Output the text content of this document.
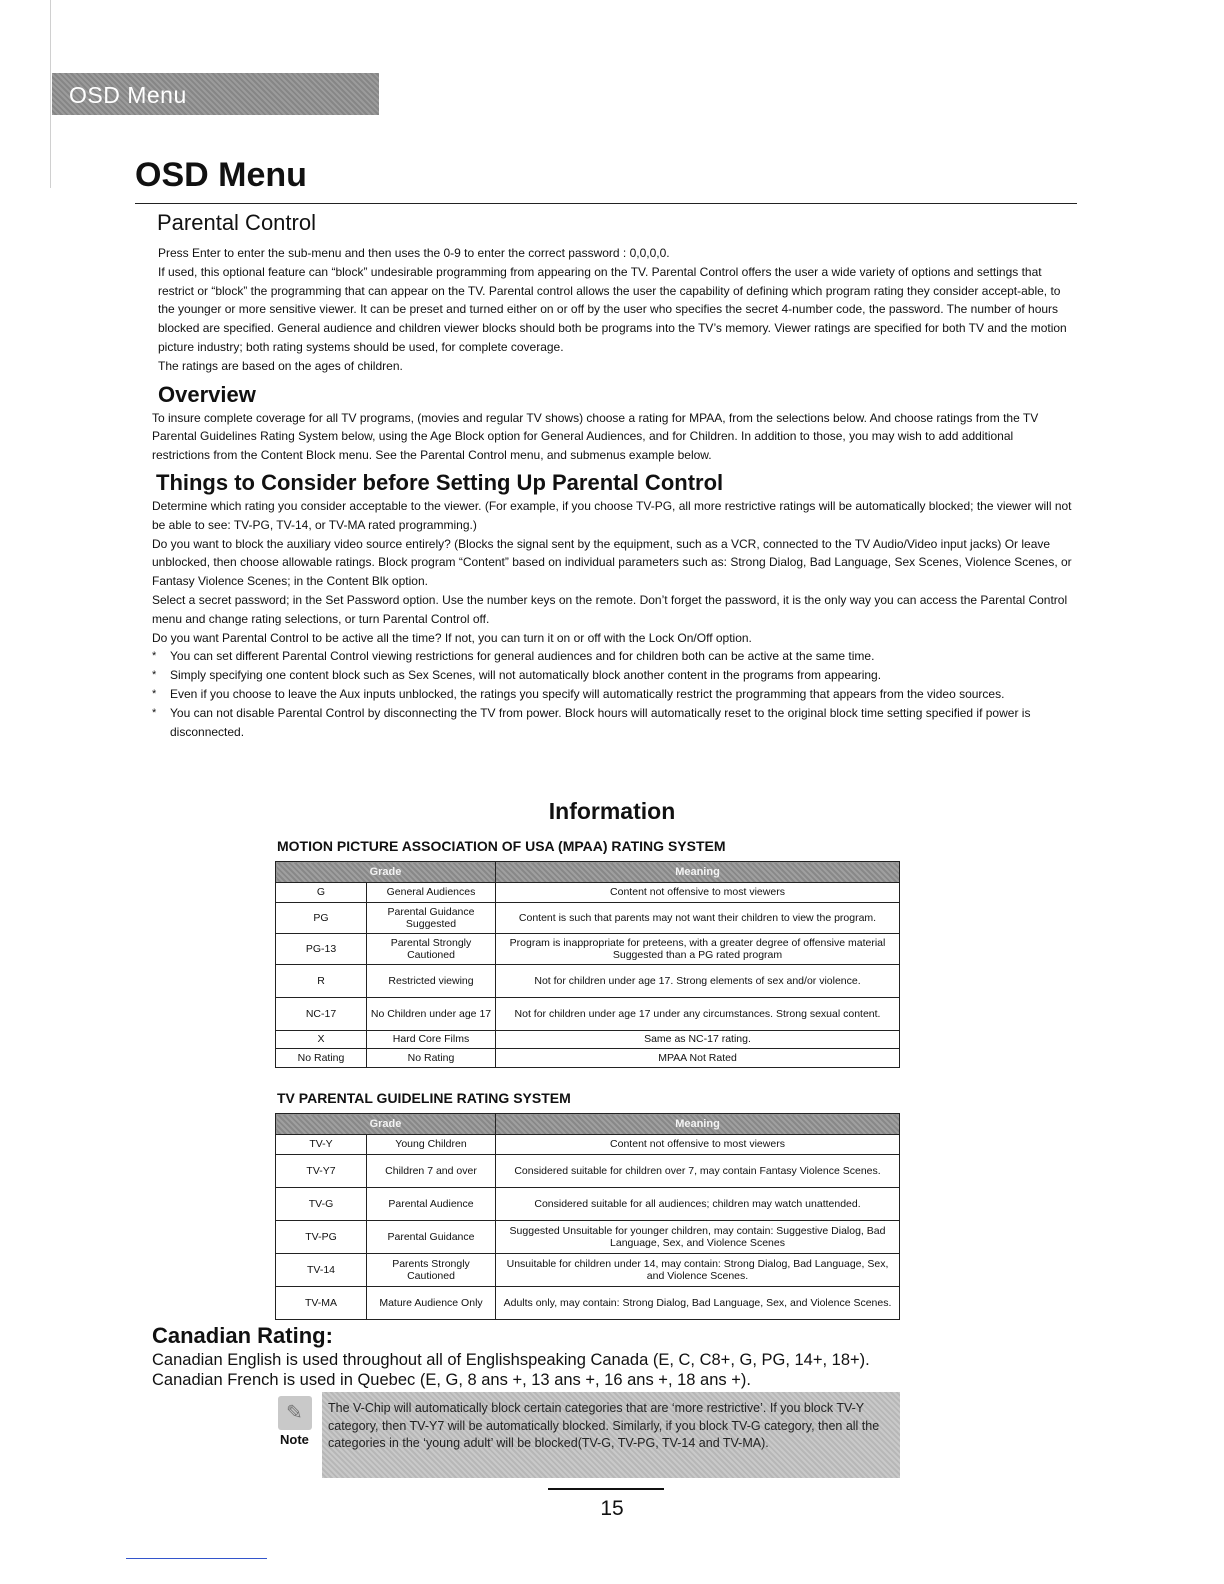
OSD Menu
OSD Menu
Parental Control

Press Enter to enter the sub-menu and then uses the 0-9 to enter the correct password : 0,0,0,0.

If used, this optional feature can “block” undesirable programming from appearing on the TV. Parental Control offers the user a wide variety of options and settings that restrict or “block” the programming that can appear on the TV. Parental control allows the user the capability of defining which program rating they consider accept-able, to the younger or more sensitive viewer. It can be preset and turned either on or off by the user who specifies the secret 4-number code, the password. The number of hours blocked are specified. General audience and children viewer blocks should both be programs into the TV’s memory. Viewer ratings are specified for both TV and the motion picture industry; both rating systems should be used, for complete coverage.

The ratings are based on the ages of children.

Overview

To insure complete coverage for all TV programs, (movies and regular TV shows) choose a rating for MPAA, from the selections below. And choose ratings from the TV Parental Guidelines Rating System below, using the Age Block option for General Audiences, and for Children. In addition to those, you may wish to add additional restrictions from the Content Block menu. See the Parental Control menu, and submenus example below.

Things to Consider before Setting Up Parental Control

Determine which rating you consider acceptable to the viewer. (For example, if you choose TV-PG, all more restrictive ratings will be automatically blocked; the viewer will not be able to see: TV-PG, TV-14, or TV-MA rated programming.)

Do you want to block the auxiliary video source entirely? (Blocks the signal sent by the equipment, such as a VCR, connected to the TV Audio/Video input jacks) Or leave unblocked, then choose allowable ratings. Block program “Content” based on individual parameters such as: Strong Dialog, Bad Language, Sex Scenes, Violence Scenes, or Fantasy Violence Scenes; in the Content Blk option.

Select a secret password; in the Set Password option. Use the number keys on the remote. Don’t forget the password, it is the only way you can access the Parental Control menu and change rating selections, or turn Parental Control off.

Do you want Parental Control to be active all the time? If not, you can turn it on or off with the Lock On/Off option.

* You can set different Parental Control viewing restrictions for general audiences and for children both can be active at the same time.

* Simply specifying one content block such as Sex Scenes, will not automatically block another content in the programs from appearing.

* Even if you choose to leave the Aux inputs unblocked, the ratings you specify will automatically restrict the programming that appears from the video sources.

* You can not disable Parental Control by disconnecting the TV from power. Block hours will automatically reset to the original block time setting specified if power is disconnected.

Information
MOTION PICTURE ASSOCIATION OF USA (MPAA) RATING SYSTEM
Grade		Meaning
G	General Audiences	Content not offensive to most viewers
PG	Parental Guidance Suggested	Content is such that parents may not want their children to view the program.
PG-13	Parental Strongly Cautioned	Program is inappropriate for preteens, with a greater degree of offensive material Suggested than a PG rated program
R	Restricted viewing	Not for children under age 17. Strong elements of sex and/or violence.
NC-17	No Children under age 17	Not for children under age 17 under any circumstances. Strong sexual content.
X	Hard Core Films	Same as NC-17 rating.
No Rating	No Rating	MPAA Not Rated
TV PARENTAL GUIDELINE RATING SYSTEM
Grade		Meaning
TV-Y	Young Children	Content not offensive to most viewers
TV-Y7	Children 7 and over	Considered suitable for children over 7, may contain Fantasy Violence Scenes.
TV-G	Parental Audience	Considered suitable for all audiences; children may watch unattended.
TV-PG	Parental Guidance	Suggested Unsuitable for younger children, may contain: Suggestive Dialog, Bad Language, Sex, and Violence Scenes
TV-14	Parents Strongly Cautioned	Unsuitable for children under 14, may contain: Strong Dialog, Bad Language, Sex, and Violence Scenes.
TV-MA	Mature Audience Only	Adults only, may contain: Strong Dialog, Bad Language, Sex, and Violence Scenes.
Canadian Rating:

Canadian English is used throughout all of Englishspeaking Canada (E, C, C8+, G, PG, 14+, 18+).

Canadian French is used in Quebec (E, G, 8 ans +, 13 ans +, 16 ans +, 18 ans +).

✎

Note

The V-Chip will automatically block certain categories that are ‘more restrictive’. If you block TV-Y category, then TV-Y7 will be automatically blocked. Similarly, if you block TV-G category, then all the categories in the ‘young adult’ will be blocked(TV-G, TV-PG, TV-14 and TV-MA).

15
